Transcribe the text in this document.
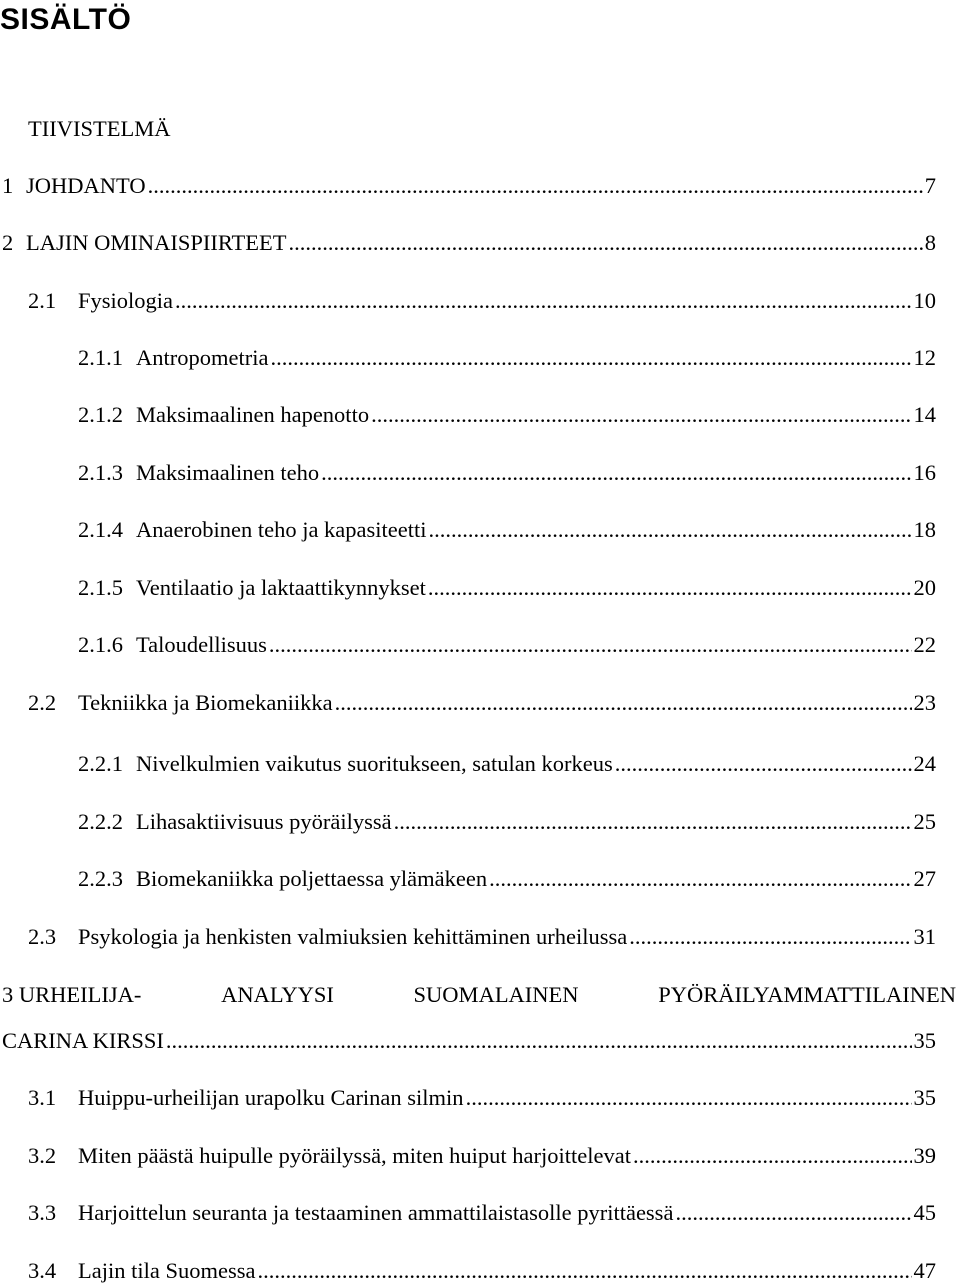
SISÄLTÖ
TIIVISTELMÄ
1 JOHDANTO .....	7
2 LAJIN OMINAISPIIRTEET .....	8
2.1 Fysiologia .....	10
2.1.1 Antropometria .....	12
2.1.2 Maksimaalinen hapenotto .....	14
2.1.3 Maksimaalinen teho .....	16
2.1.4 Anaerobinen teho ja kapasiteetti .....	18
2.1.5 Ventilaatio ja laktaattikynnykset .....	20
2.1.6 Taloudellisuus .....	22
2.2 Tekniikka ja Biomekaniikka .....	23
2.2.1 Nivelkulmien vaikutus suoritukseen, satulan korkeus .....	24
2.2.2 Lihasaktiivisuus pyöräilyssä .....	25
2.2.3 Biomekaniikka poljettaessa ylämäkeen .....	27
2.3 Psykologia ja henkisten valmiuksien kehittäminen urheilussa .....	31
3 URHEILIJA-	ANALYYSI	SUOMALAINEN	PYÖRÄILYAMMATTILAINEN
CARINA KIRSSI .....	35
3.1 Huippu-urheilijan urapolku Carinan silmin .....	35
3.2 Miten päästä huipulle pyöräilyssä, miten huiput harjoittelevat .....	39
3.3 Harjoittelun seuranta ja testaaminen ammattilaistasolle pyrittäessä .....	45
3.4 Lajin tila Suomessa .....	47
